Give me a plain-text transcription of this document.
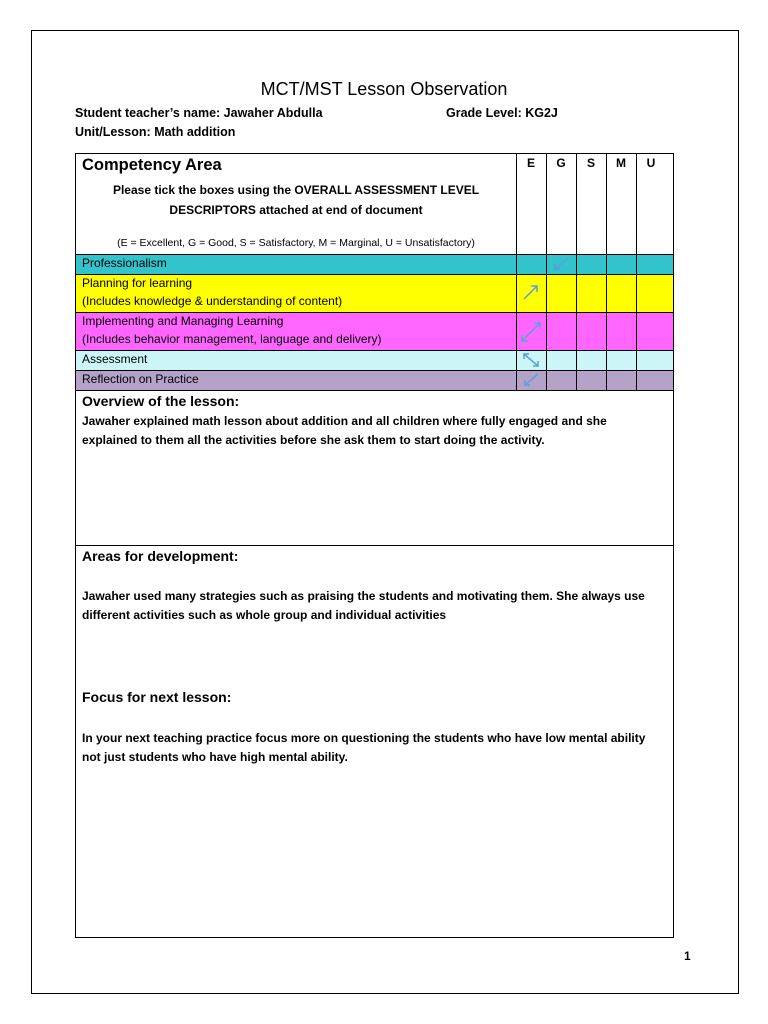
MCT/MST Lesson Observation
Student teacher’s name: Jawaher Abdulla	Grade Level: KG2J
Unit/Lesson: Math addition
Competency Area
Please tick the boxes using the OVERALL ASSESSMENT LEVEL
DESCRIPTORS attached at end of document
(E = Excellent, G = Good, S = Satisfactory, M = Marginal, U = Unsatisfactory)
E	G	S	M	U
Professionalism
Planning for learning
(Includes knowledge & understanding of content)
Implementing and Managing Learning
(Includes behavior management, language and delivery)
Assessment
Reflection on Practice
Overview of the lesson:
Jawaher explained math lesson about addition and all children where fully engaged and she
explained to them all the activities before she ask them to start doing the activity.
Areas for development:
Jawaher used many strategies such as praising the students and motivating them. She always use
different activities such as whole group and individual activities
Focus for next lesson:
In your next teaching practice focus more on questioning the students who have low mental ability
not just students who have high mental ability.
1
